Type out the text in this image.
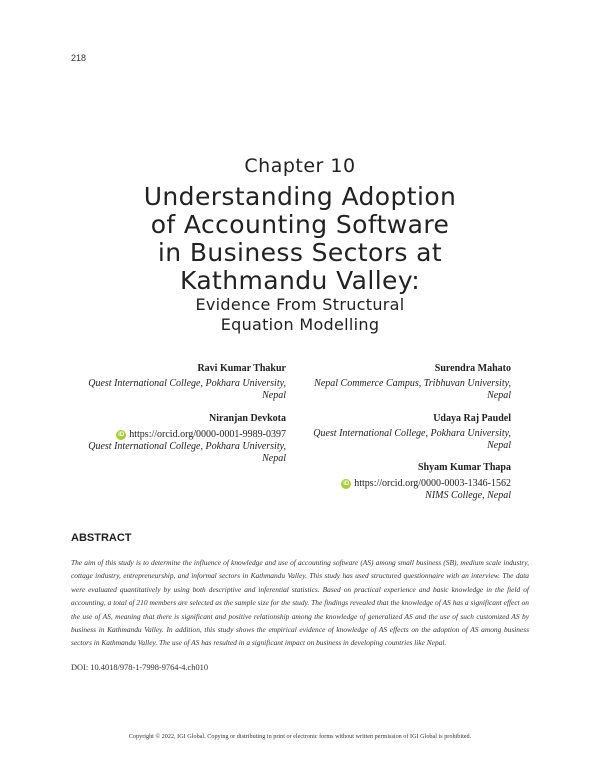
218
Chapter 10
Understanding Adoption
of Accounting Software
in Business Sectors at
Kathmandu Valley:
Evidence From Structural
Equation Modelling
Ravi Kumar Thakur
Quest International College, Pokhara University,
Nepal
Niranjan Devkota
iD https://orcid.org/0000-0001-9989-0397
Quest International College, Pokhara University,
Nepal
Surendra Mahato
Nepal Commerce Campus, Tribhuvan University,
Nepal
Udaya Raj Paudel
Quest International College, Pokhara University,
Nepal
Shyam Kumar Thapa
iD https://orcid.org/0000-0003-1346-1562
NIMS College, Nepal
ABSTRACT
The aim of this study is to determine the influence of knowledge and use of accounting software (AS) among small business (SB), medium scale industry, cottage industry, entrepreneurship, and informal sectors in Kathmandu Valley. This study has used structured questionnaire with an interview. The data were evaluated quantitatively by using both descriptive and inferential statistics. Based on practical experience and basic knowledge in the field of accounting, a total of 210 members are selected as the sample size for the study. The findings revealed that the knowledge of AS has a significant effect on the use of AS, meaning that there is significant and positive relationship among the knowledge of generalized AS and the use of such customized AS by business in Kathmandu Valley. In addition, this study shows the empirical evidence of knowledge of AS effects on the adoption of AS among business sectors in Kathmandu Valley. The use of AS has resulted in a significant impact on business in developing countries like Nepal.
DOI: 10.4018/978-1-7998-9764-4.ch010
Copyright © 2022, IGI Global. Copying or distributing in print or electronic forms without written permission of IGI Global is prohibited.
